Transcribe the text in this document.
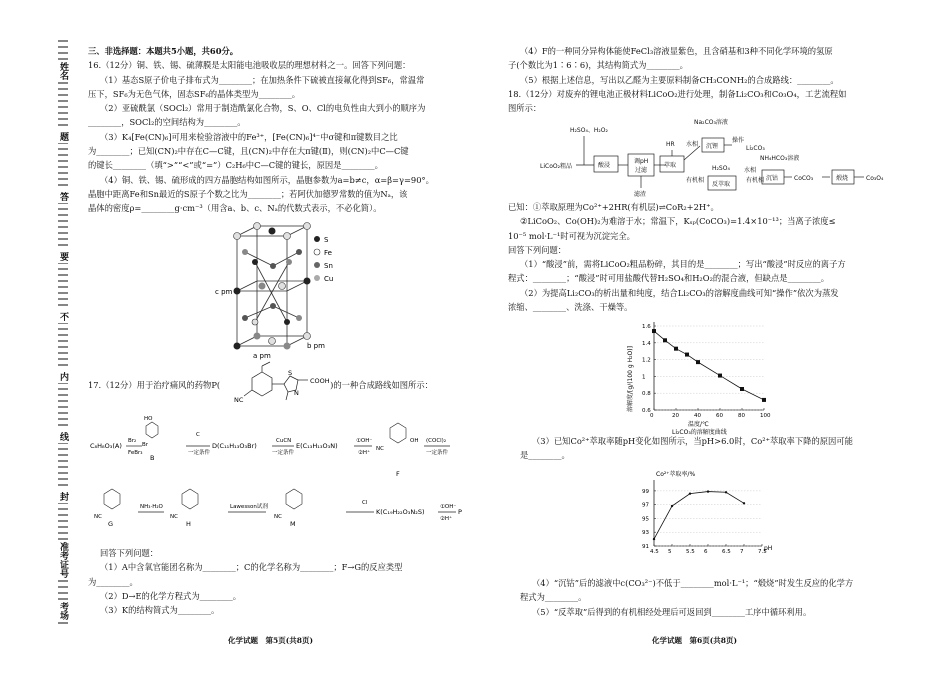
姓名
题
答
要
不
内
线
封
准考证号
考场

三、非选择题：本题共5小题，共60分。

16.（12分）铜、铁、锡、硫薄膜是太阳能电池吸收层的理想材料之一。回答下列问题：

（1）基态S原子价电子排布式为________；在加热条件下硫被直接氟化得到SF₆，常温常

压下，SF₆为无色气体，固态SF₆的晶体类型为________。

（2）亚硫酰氯（SOCl₂）常用于制造酰氯化合物，S、O、Cl的电负性由大到小的顺序为

________，SOCl₂的空间结构为________。

（3）K₄[Fe(CN)₆]可用来检验溶液中的Fe³⁺，[Fe(CN)₆]⁴⁻中σ键和π键数目之比

为________；已知(CN)₂中存在C—C键，且(CN)₂中存在大π键(Ⅱ)，则(CN)₂中C—C键

的键长________（填“>”“<”或“=”）C₂H₆中C—C键的键长，原因是________。

（4）铜、铁、锡、硫形成的四方晶胞结构如图所示，晶胞参数为a=b≠c，α=β=γ=90°。

晶胞中距离Fe和Sn最近的S原子个数之比为________；若阿伏加德罗常数的值为Nₐ，该

晶体的密度ρ=________g·cm⁻³（用含a、b、c、Nₐ的代数式表示，不必化简）。

c pm
a pm
b pm
S
Fe
Sn
Cu

17.（12分）用于治疗痛风的药物P(	)的一种合成路线如图所示：

NC
COOH
S
N
C₈H₈O₃(A)
Br₂
FeBr₃
HO
Br
B
一定条件
C
D(C₁₁H₁₃O₃Br)
CuCN
一定条件
E(C₁₃H₁₃O₃N)
①OH⁻
②H⁺
NC
OH
F
(COCl)₂
一定条件
NC
G
NH₃·H₂O
NC
H
Lawesson试剂
NC
M
Cl
K(C₁₉H₂₂O₃N₂S)
①OH⁻
②H⁺
P

回答下列问题：

（1）A中含氧官能团名称为________；C的化学名称为________；F→G的反应类型

为________。

（2）D→E的化学方程式为________。

（3）K的结构简式为________。

化学试题　第5页(共8页)

（4）F的一种同分异构体能使FeCl₃溶液显紫色，且含硝基和3种不同化学环境的氢原

子(个数比为1∶6∶6)，其结构简式为________。

（5）根据上述信息，写出以乙醛为主要原料制备CH₃CONH₂的合成路线：________。

18.（12分）对废弃的锂电池正极材料LiCoO₂进行处理，制备Li₂CO₃和Co₃O₄，工艺流程如

图所示：

H₂SO₄、H₂O₂
LiCoO₂粗品	酸浸
调pH
过滤
滤渣
HR
萃取
水相
Na₂CO₃溶液
沉锂
操作
Li₂CO₃
有机相
H₂SO₄
反萃取
有机相
水相
NH₄HCO₃溶液
沉钴	CoCO₃	煅烧	Co₃O₄

已知：①萃取原理为Co²⁺+2HR(有机层)⇌CoR₂+2H⁺。

②LiCoO₂、Co(OH)₂为难溶于水；常温下，Kₛₚ(CoCO₃)=1.4×10⁻¹³；当离子浓度≤

10⁻⁵ mol·L⁻¹时可视为沉淀完全。

回答下列问题：

（1）“酸浸”前，需将LiCoO₂粗品粉碎，其目的是________；写出“酸浸”时反应的离子方

程式：________；“酸浸”时可用盐酸代替H₂SO₄和H₂O₂的混合液，但缺点是________。

（2）为提高Li₂CO₃的析出量和纯度，结合Li₂CO₃的溶解度曲线可知“操作”依次为蒸发

浓缩、________、洗涤、干燥等。

溶解度/[g/(100 g H₂O)]
温度/℃
Li₂CO₃的溶解度曲线
0	20	40	60	80	100
0.6
0.8
1
1.2
1.4
1.6

（3）已知Co²⁺萃取率随pH变化如图所示，当pH>6.0时，Co²⁺萃取率下降的原因可能

是________。

Co²⁺萃取率/%
pH
4.5 5	5.5 6	6.5 7	7.5
91
93
95
97
99

（4）“沉钴”后的滤液中c(CO₃²⁻)不低于________mol·L⁻¹；“煅烧”时发生反应的化学方

程式为________。

（5）“反萃取”后得到的有机相经处理后可返回到________工序中循环利用。

化学试题　第6页(共8页)
